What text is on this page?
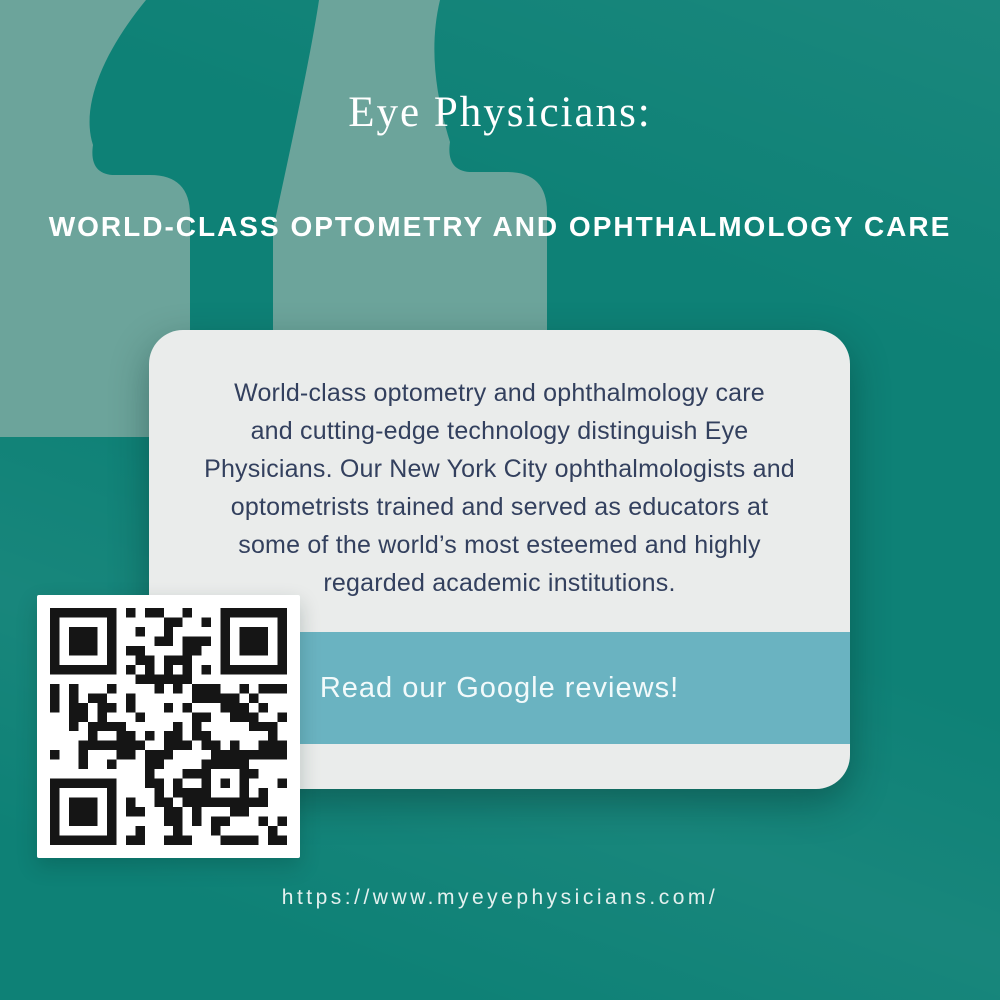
Eye Physicians:
WORLD-CLASS OPTOMETRY AND OPHTHALMOLOGY CARE
World-class optometry and ophthalmology care
and cutting-edge technology distinguish Eye
Physicians. Our New York City ophthalmologists and
optometrists trained and served as educators at
some of the world’s most esteemed and highly
regarded academic institutions.
Read our Google reviews!
https://www.myeyephysicians.com/
